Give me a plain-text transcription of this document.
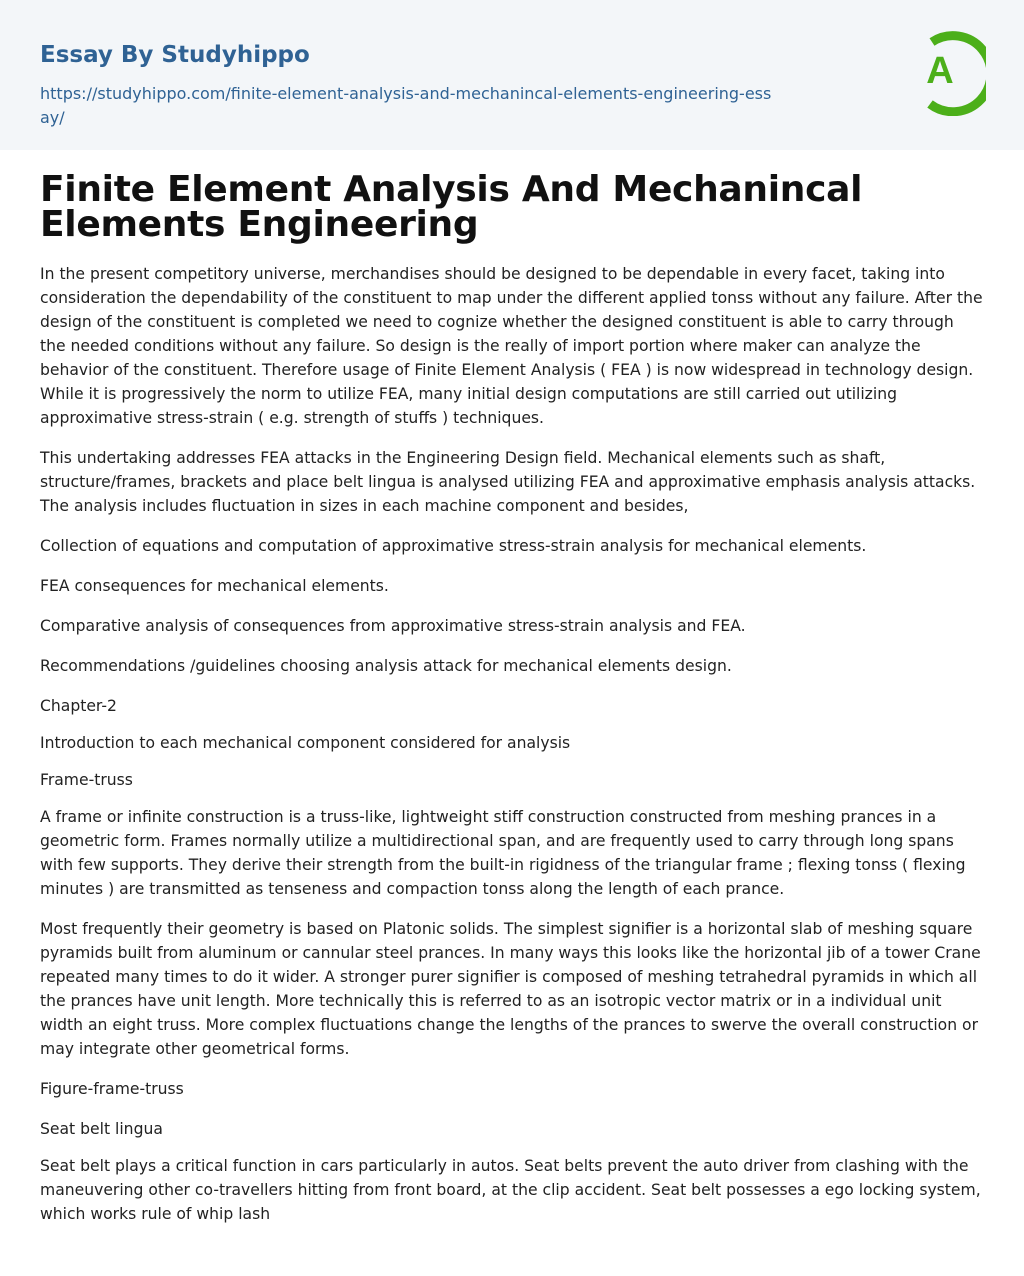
Essay By Studyhippo
https://studyhippo.com/finite-element-analysis-and-mechanincal-elements-engineering-essay/
A
Finite Element Analysis And Mechanincal Elements Engineering

In the present competitory universe, merchandises should be designed to be dependable in every facet, taking into consideration the dependability of the constituent to map under the different applied tonss without any failure. After the design of the constituent is completed we need to cognize whether the designed constituent is able to carry through the needed conditions without any failure. So design is the really of import portion where maker can analyze the behavior of the constituent. Therefore usage of Finite Element Analysis ( FEA ) is now widespread in technology design. While it is progressively the norm to utilize FEA, many initial design computations are still carried out utilizing approximative stress-strain ( e.g. strength of stuffs ) techniques.

This undertaking addresses FEA attacks in the Engineering Design field. Mechanical elements such as shaft, structure/frames, brackets and place belt lingua is analysed utilizing FEA and approximative emphasis analysis attacks. The analysis includes fluctuation in sizes in each machine component and besides,

Collection of equations and computation of approximative stress-strain analysis for mechanical elements.

FEA consequences for mechanical elements.

Comparative analysis of consequences from approximative stress-strain analysis and FEA.

Recommendations /guidelines choosing analysis attack for mechanical elements design.

Chapter-2

Introduction to each mechanical component considered for analysis

Frame-truss

A frame or infinite construction is a truss-like, lightweight stiff construction constructed from meshing prances in a geometric form. Frames normally utilize a multidirectional span, and are frequently used to carry through long spans with few supports. They derive their strength from the built-in rigidness of the triangular frame ; flexing tonss ( flexing minutes ) are transmitted as tenseness and compaction tonss along the length of each prance.

Most frequently their geometry is based on Platonic solids. The simplest signifier is a horizontal slab of meshing square pyramids built from aluminum or cannular steel prances. In many ways this looks like the horizontal jib of a tower Crane repeated many times to do it wider. A stronger purer signifier is composed of meshing tetrahedral pyramids in which all the prances have unit length. More technically this is referred to as an isotropic vector matrix or in a individual unit width an eight truss. More complex fluctuations change the lengths of the prances to swerve the overall construction or may integrate other geometrical forms.

Figure-frame-truss

Seat belt lingua

Seat belt plays a critical function in cars particularly in autos. Seat belts prevent the auto driver from clashing with the maneuvering other co-travellers hitting from front board, at the clip accident. Seat belt possesses a ego locking system, which works rule of whip lash
